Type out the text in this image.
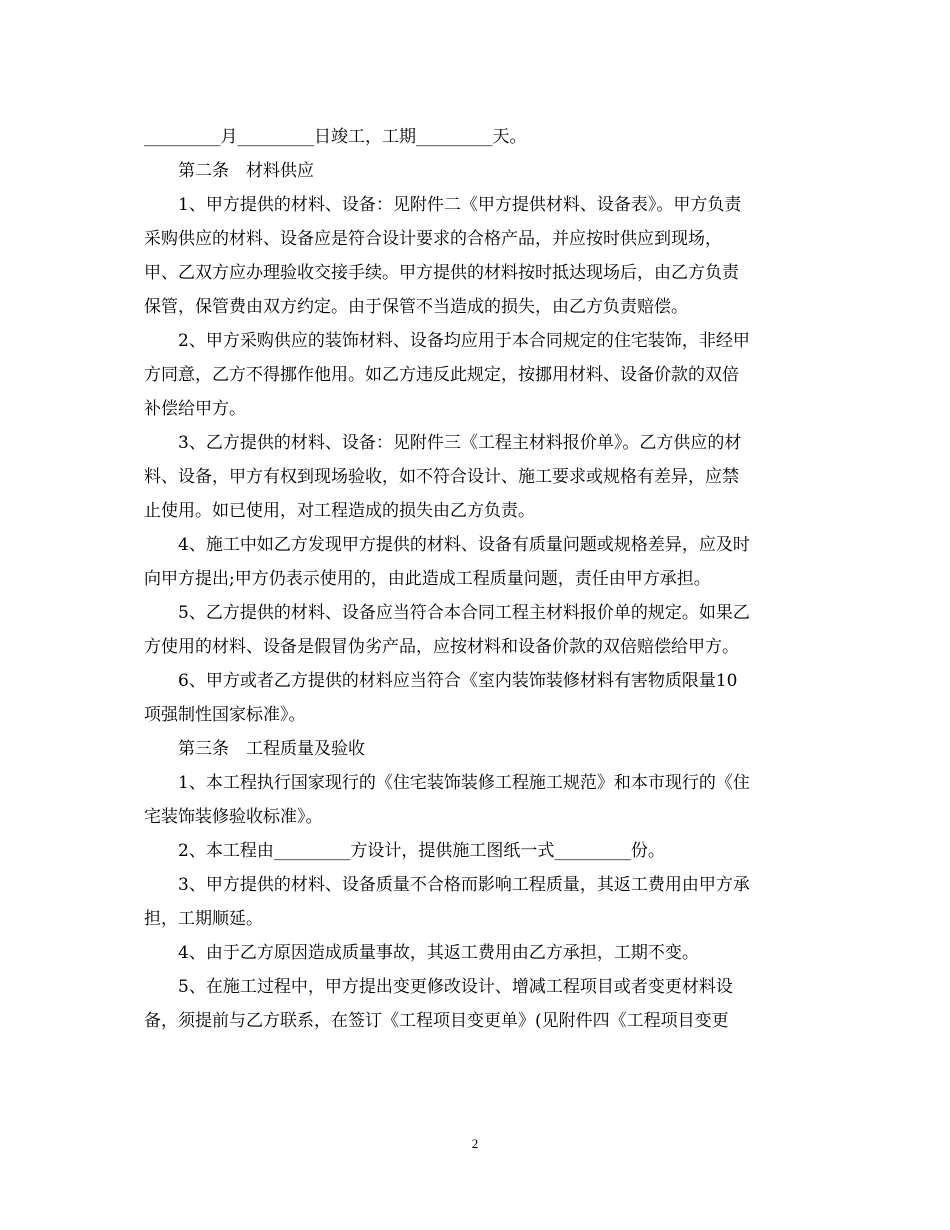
_________月_________日竣工，工期_________天。
第二条　材料供应
1、甲方提供的材料、设备：见附件二《甲方提供材料、设备表》。甲方负责
采购供应的材料、设备应是符合设计要求的合格产品，并应按时供应到现场，
甲、乙双方应办理验收交接手续。甲方提供的材料按时抵达现场后，由乙方负责
保管，保管费由双方约定。由于保管不当造成的损失，由乙方负责赔偿。
2、甲方采购供应的装饰材料、设备均应用于本合同规定的住宅装饰，非经甲
方同意，乙方不得挪作他用。如乙方违反此规定，按挪用材料、设备价款的双倍
补偿给甲方。
3、乙方提供的材料、设备：见附件三《工程主材料报价单》。乙方供应的材
料、设备，甲方有权到现场验收，如不符合设计、施工要求或规格有差异，应禁
止使用。如已使用，对工程造成的损失由乙方负责。
4、施工中如乙方发现甲方提供的材料、设备有质量问题或规格差异，应及时
向甲方提出;甲方仍表示使用的，由此造成工程质量问题，责任由甲方承担。
5、乙方提供的材料、设备应当符合本合同工程主材料报价单的规定。如果乙
方使用的材料、设备是假冒伪劣产品，应按材料和设备价款的双倍赔偿给甲方。
6、甲方或者乙方提供的材料应当符合《室内装饰装修材料有害物质限量10
项强制性国家标准》。
第三条　工程质量及验收
1、本工程执行国家现行的《住宅装饰装修工程施工规范》和本市现行的《住
宅装饰装修验收标准》。
2、本工程由_________方设计，提供施工图纸一式_________份。
3、甲方提供的材料、设备质量不合格而影响工程质量，其返工费用由甲方承
担，工期顺延。
4、由于乙方原因造成质量事故，其返工费用由乙方承担，工期不变。
5、在施工过程中，甲方提出变更修改设计、增减工程项目或者变更材料设
备，须提前与乙方联系，在签订《工程项目变更单》(见附件四《工程项目变更
2
